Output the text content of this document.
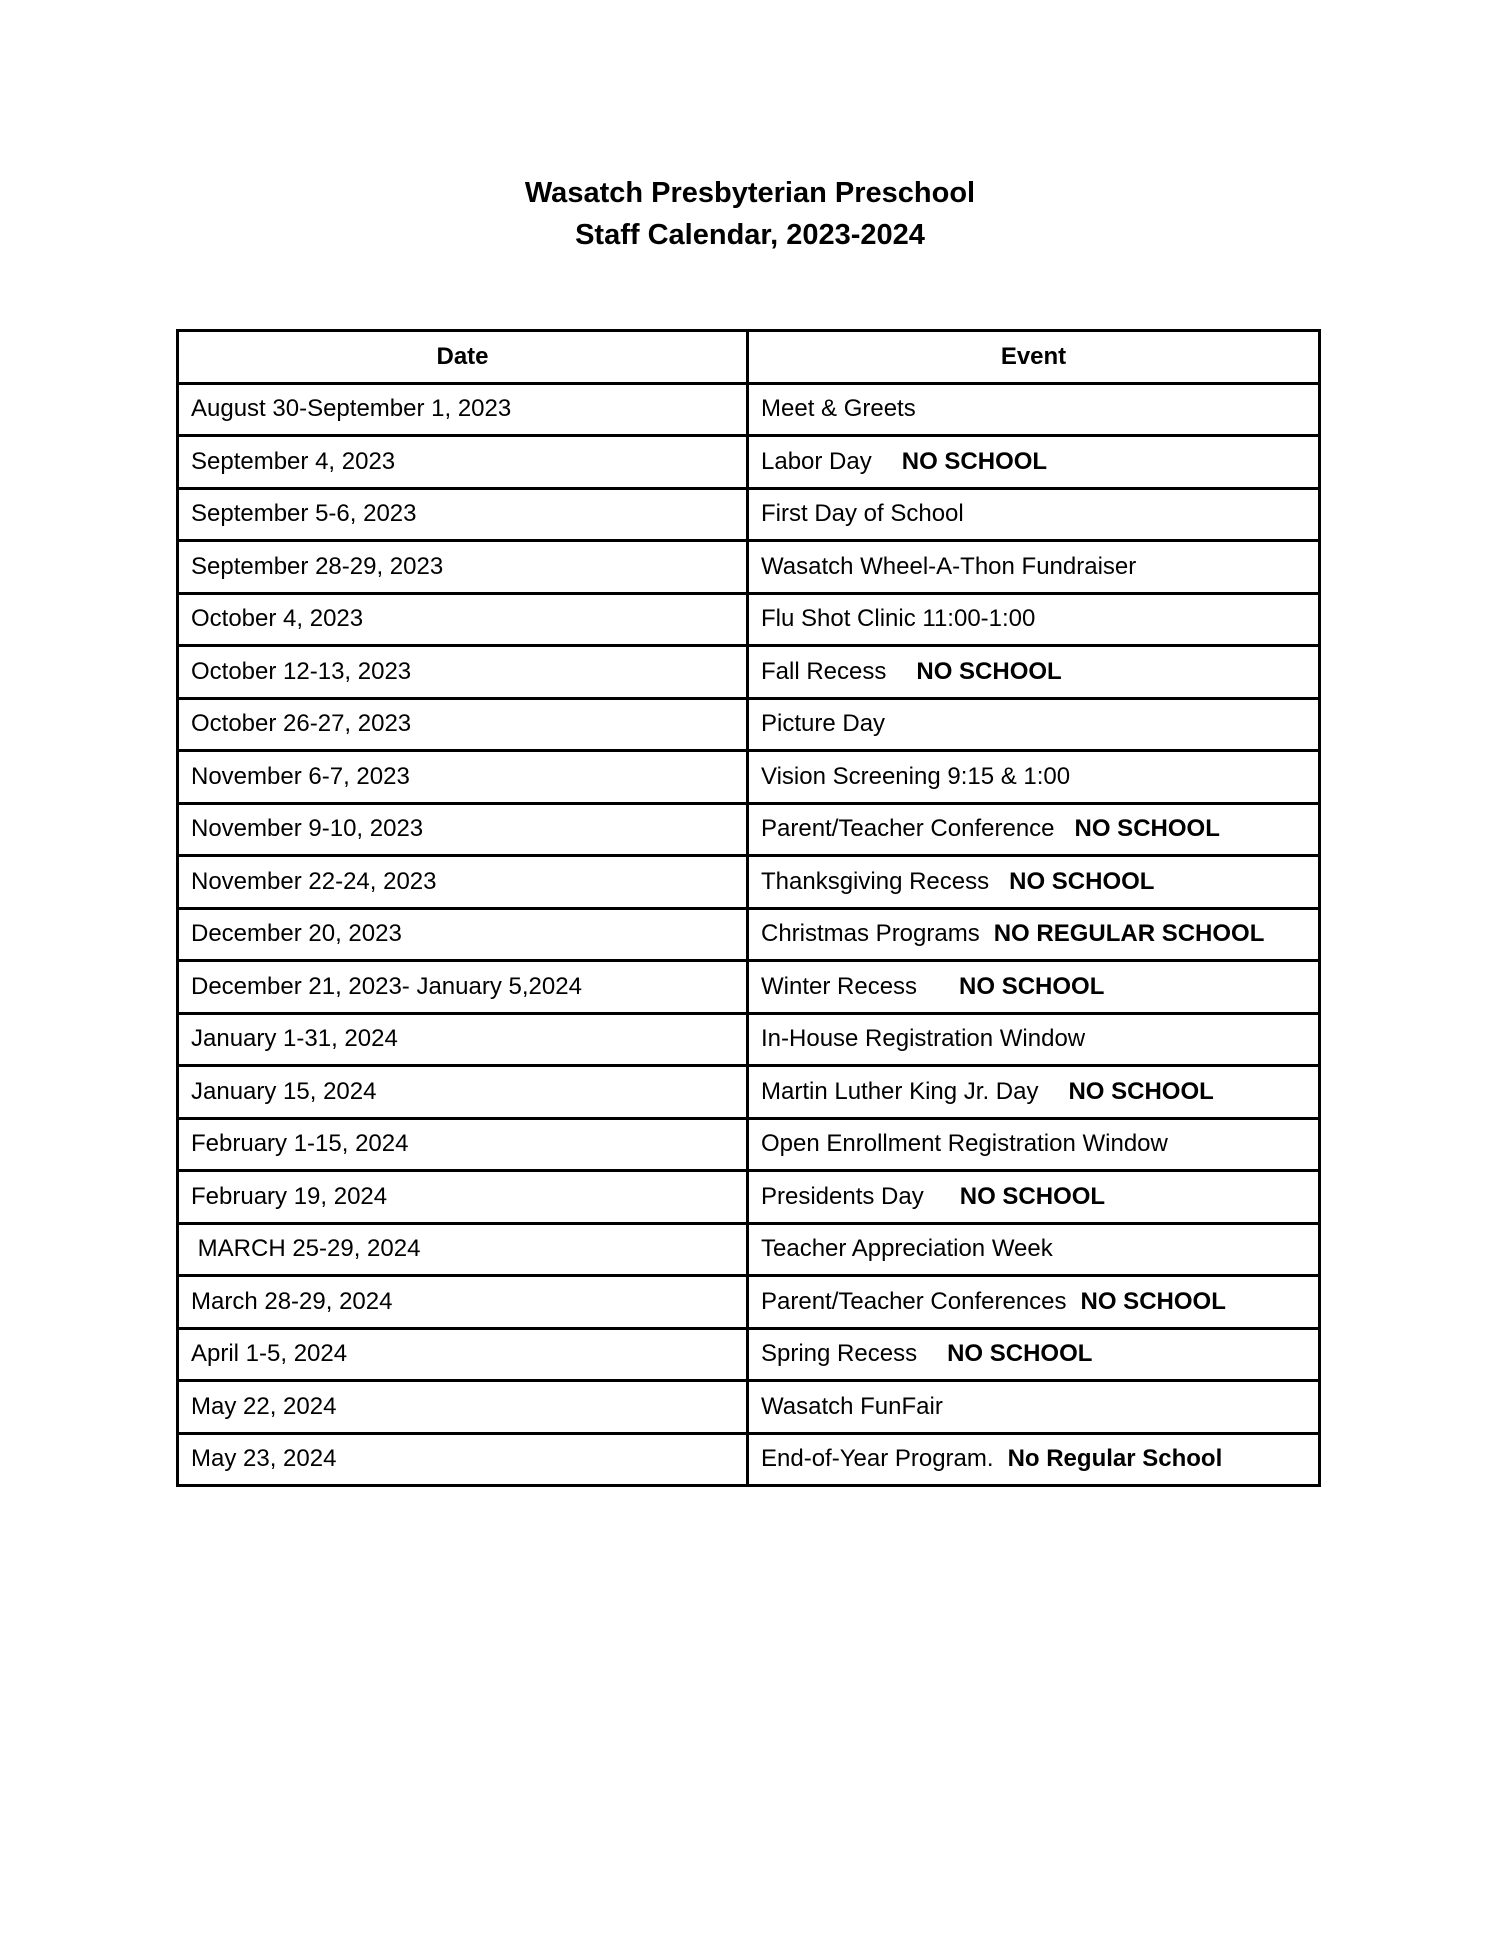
Wasatch Presbyterian Preschool
Staff Calendar, 2023-2024
Date	Event
August 30-September 1, 2023	Meet & Greets
September 4, 2023	Labor Day NO SCHOOL
September 5-6, 2023	First Day of School
September 28-29, 2023	Wasatch Wheel-A-Thon Fundraiser
October 4, 2023	Flu Shot Clinic 11:00-1:00
October 12-13, 2023	Fall Recess NO SCHOOL
October 26-27, 2023	Picture Day
November 6-7, 2023	Vision Screening 9:15 & 1:00
November 9-10, 2023	Parent/Teacher Conference NO SCHOOL
November 22-24, 2023	Thanksgiving Recess NO SCHOOL
December 20, 2023	Christmas Programs NO REGULAR SCHOOL
December 21, 2023- January 5,2024	Winter Recess NO SCHOOL
January 1-31, 2024	In-House Registration Window
January 15, 2024	Martin Luther King Jr. Day NO SCHOOL
February 1-15, 2024	Open Enrollment Registration Window
February 19, 2024	Presidents Day NO SCHOOL
MARCH 25-29, 2024	Teacher Appreciation Week
March 28-29, 2024	Parent/Teacher Conferences NO SCHOOL
April 1-5, 2024	Spring Recess NO SCHOOL
May 22, 2024	Wasatch FunFair
May 23, 2024	End-of-Year Program. No Regular School
